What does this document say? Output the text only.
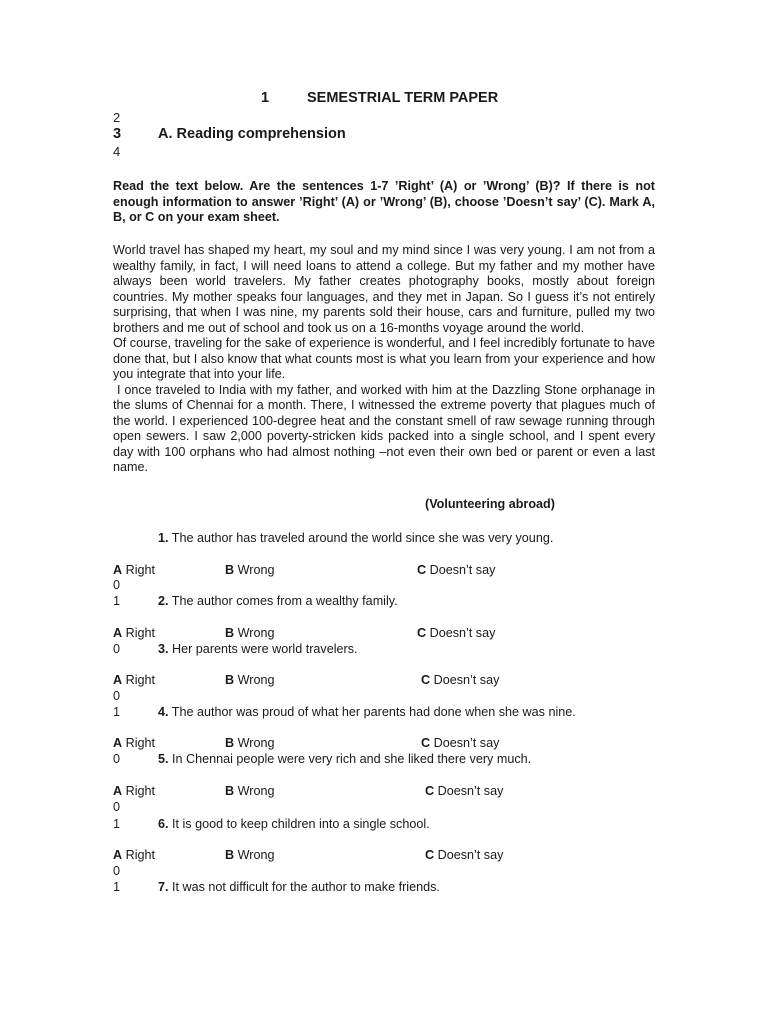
1	SEMESTRIAL TERM PAPER
2
3	A. Reading comprehension
4
Read the text below. Are the sentences 1-7 ’Right’ (A) or ’Wrong’ (B)? If there is not enough information to answer ’Right’ (A) or ’Wrong’ (B), choose ’Doesn’t say’ (C). Mark A, B, or C on your exam sheet.

World travel has shaped my heart, my soul and my mind since I was very young. I am not from a wealthy family, in fact, I will need loans to attend a college. But my father and my mother have always been world travelers. My father creates photography books, mostly about foreign countries. My mother speaks four languages, and they met in Japan. So I guess it’s not entirely surprising, that when I was nine, my parents sold their house, cars and furniture, pulled my two brothers and me out of school and took us on a 16-months voyage around the world.

Of course, traveling for the sake of experience is wonderful, and I feel incredibly fortunate to have done that, but I also know that what counts most is what you learn from your experience and how you integrate that into your life.

I once traveled to India with my father, and worked with him at the Dazzling Stone orphanage in the slums of Chennai for a month. There, I witnessed the extreme poverty that plagues much of the world. I experienced 100-degree heat and the constant smell of raw sewage running through open sewers. I saw 2,000 poverty-stricken kids packed into a single school, and I spent every day with 100 orphans who had almost nothing –not even their own bed or parent or even a last name.

(Volunteering abroad)
1. The author has traveled around the world since she was very young.
A Right	B Wrong	C Doesn’t say
0
1	2. The author comes from a wealthy family.
A Right	B Wrong	C Doesn’t say
0	3. Her parents were world travelers.
A Right	B Wrong	C Doesn’t say
0
1	4. The author was proud of what her parents had done when she was nine.
A Right	B Wrong	C Doesn’t say
0	5. In Chennai people were very rich and she liked there very much.
A Right	B Wrong	C Doesn’t say
0
1	6. It is good to keep children into a single school.
A Right	B Wrong	C Doesn’t say
0
1	7. It was not difficult for the author to make friends.
